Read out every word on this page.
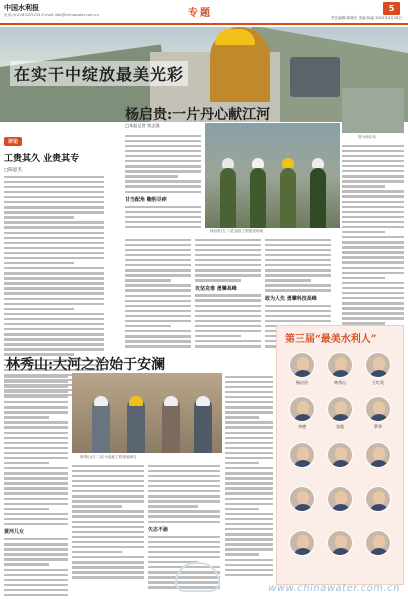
中国水利报
电话:(010)63205233 E-mail: zbb@chinawater.com.cn	专题	5
责任编辑:陈晓东 美编:杨淼 2022年4月28日
在实干中绽放最美光彩
评论
工贵其久 业贵其专
□陈思杰
杨启贵:一片丹心献江河
□本报记者 贾志强
图为杨启贵
杨启贵(左二)在巡检工程建设现场
甘当配角 鞠躬尽瘁
攻坚克难 勇攀高峰
敢为人先 勇攀科技高峰
林秀山:大河之治始于安澜
黄河儿女
林秀山(左二)在小浪底工程现场研讨
矢志不渝
第三届“最美水利人”
杨启贵	林秀山	王红英
李德	张俊	罗华
www.chinawater.com.cn
